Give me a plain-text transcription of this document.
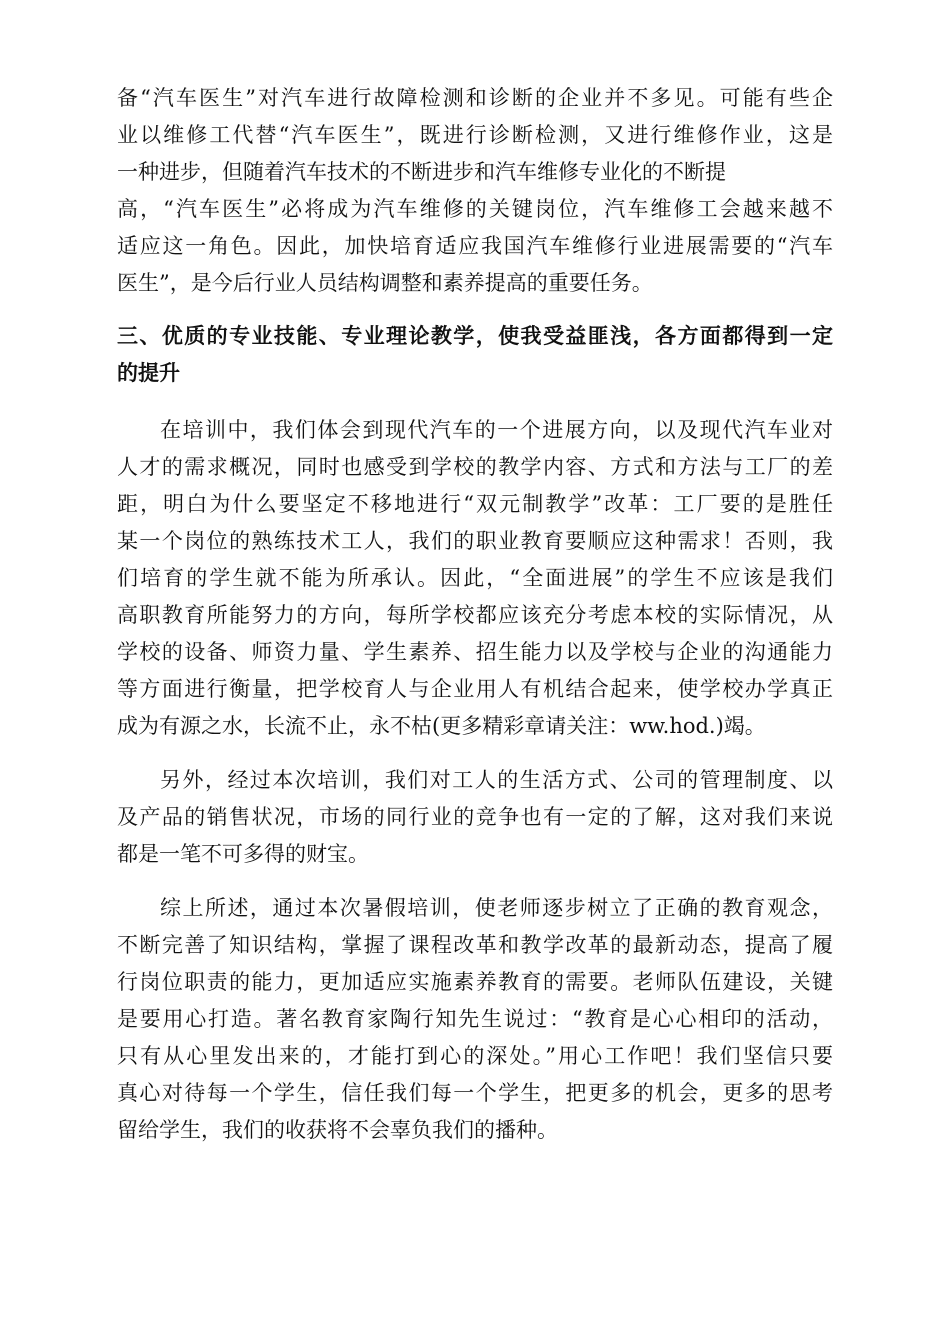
备“汽车医生”对汽车进行故障检测和诊断的企业并不多见。可能有些企
业以维修工代替“汽车医生”，既进行诊断检测，又进行维修作业，这是
一种进步，但随着汽车技术的不断进步和汽车维修专业化的不断提
高，“汽车医生”必将成为汽车维修的关键岗位，汽车维修工会越来越不
适应这一角色。因此，加快培育适应我国汽车维修行业进展需要的“汽车
医生”，是今后行业人员结构调整和素养提高的重要任务。
三、优质的专业技能、专业理论教学，使我受益匪浅，各方面都得到一定
的提升
在培训中，我们体会到现代汽车的一个进展方向，以及现代汽车业对
人才的需求概况，同时也感受到学校的教学内容、方式和方法与工厂的差
距，明白为什么要坚定不移地进行“双元制教学”改革：工厂要的是胜任
某一个岗位的熟练技术工人，我们的职业教育要顺应这种需求！否则，我
们培育的学生就不能为所承认。因此，“全面进展”的学生不应该是我们
高职教育所能努力的方向，每所学校都应该充分考虑本校的实际情况，从
学校的设备、师资力量、学生素养、招生能力以及学校与企业的沟通能力
等方面进行衡量，把学校育人与企业用人有机结合起来，使学校办学真正
成为有源之水，长流不止，永不枯(更多精彩章请关注：ww.hod.)竭。
另外，经过本次培训，我们对工人的生活方式、公司的管理制度、以
及产品的销售状况，市场的同行业的竞争也有一定的了解，这对我们来说
都是一笔不可多得的财宝。
综上所述，通过本次暑假培训，使老师逐步树立了正确的教育观念，
不断完善了知识结构，掌握了课程改革和教学改革的最新动态，提高了履
行岗位职责的能力，更加适应实施素养教育的需要。老师队伍建设，关键
是要用心打造。著名教育家陶行知先生说过：“教育是心心相印的活动，
只有从心里发出来的，才能打到心的深处。”用心工作吧！我们坚信只要
真心对待每一个学生，信任我们每一个学生，把更多的机会，更多的思考
留给学生，我们的收获将不会辜负我们的播种。
